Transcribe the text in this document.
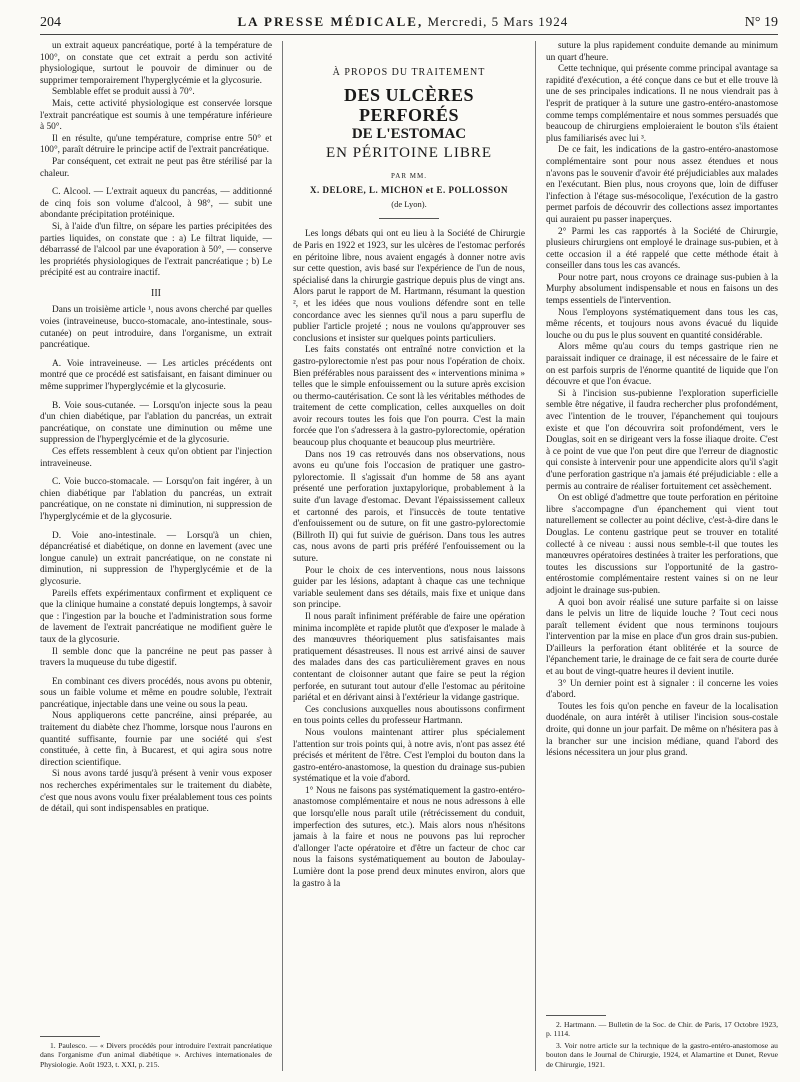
204	LA PRESSE MÉDICALE, Mercredi, 5 Mars 1924	N° 19

un extrait aqueux pancréatique, porté à la température de 100°, on constate que cet extrait a perdu son activité physiologique, surtout le pouvoir de diminuer ou de supprimer temporairement l'hyperglycémie et la glycosurie.

Semblable effet se produit aussi à 70°.

Mais, cette activité physiologique est conservée lorsque l'extrait pancréatique est soumis à une température inférieure à 50°.

Il en résulte, qu'une température, comprise entre 50° et 100°, paraît détruire le principe actif de l'extrait pancréatique.

Par conséquent, cet extrait ne peut pas être stérilisé par la chaleur.

C. Alcool. — L'extrait aqueux du pancréas, — additionné de cinq fois son volume d'alcool, à 98°, — subit une abondante précipitation protéinique.

Si, à l'aide d'un filtre, on sépare les parties précipitées des parties liquides, on constate que : a) Le filtrat liquide, — débarrassé de l'alcool par une évaporation à 50°, — conserve les propriétés physiologiques de l'extrait pancréatique ; b) Le précipité est au contraire inactif.

III

Dans un troisième article ¹, nous avons cherché par quelles voies (intraveineuse, bucco-stomacale, ano-intestinale, sous-cutanée) on peut introduire, dans l'organisme, un extrait pancréatique.

A. Voie intraveineuse. — Les articles précédents ont montré que ce procédé est satisfaisant, en faisant diminuer ou même supprimer l'hyperglycémie et la glycosurie.

B. Voie sous-cutanée. — Lorsqu'on injecte sous la peau d'un chien diabétique, par l'ablation du pancréas, un extrait pancréatique, on constate une diminution ou même une suppression de l'hyperglycémie et de la glycosurie.

Ces effets ressemblent à ceux qu'on obtient par l'injection intraveineuse.

C. Voie bucco-stomacale. — Lorsqu'on fait ingérer, à un chien diabétique par l'ablation du pancréas, un extrait pancréatique, on ne constate ni diminution, ni suppression de l'hyperglycémie et de la glycosurie.

D. Voie ano-intestinale. — Lorsqu'à un chien, dépancréatisé et diabétique, on donne en lavement (avec une longue canule) un extrait pancréatique, on ne constate ni diminution, ni suppression de l'hyperglycémie et de la glycosurie.

Pareils effets expérimentaux confirment et expliquent ce que la clinique humaine a constaté depuis longtemps, à savoir que : l'ingestion par la bouche et l'administration sous forme de lavement de l'extrait pancréatique ne modifient guère le taux de la glycosurie.

Il semble donc que la pancréine ne peut pas passer à travers la muqueuse du tube digestif.

En combinant ces divers procédés, nous avons pu obtenir, sous un faible volume et même en poudre soluble, l'extrait pancréatique, injectable dans une veine ou sous la peau.

Nous appliquerons cette pancréine, ainsi préparée, au traitement du diabète chez l'homme, lorsque nous l'aurons en quantité suffisante, fournie par une société qui s'est constituée, à cette fin, à Bucarest, et qui agira sous notre direction scientifique.

Si nous avons tardé jusqu'à présent à venir vous exposer nos recherches expérimentales sur le traitement du diabète, c'est que nous avons voulu fixer préalablement tous ces points de détail, qui sont indispensables en pratique.

1. Paulesco. — « Divers procédés pour introduire l'extrait pancréatique dans l'organisme d'un animal diabétique ». Archives internationales de Physiologie. Août 1923, t. XXI, p. 215.

À PROPOS DU TRAITEMENT
DES ULCÈRES PERFORÉS
DE L'ESTOMAC
EN PÉRITOINE LIBRE
PAR MM.
X. DELORE, L. MICHON et E. POLLOSSON
(de Lyon).

Les longs débats qui ont eu lieu à la Société de Chirurgie de Paris en 1922 et 1923, sur les ulcères de l'estomac perforés en péritoine libre, nous avaient engagés à donner notre avis sur cette question, avis basé sur l'expérience de l'un de nous, spécialisé dans la chirurgie gastrique depuis plus de vingt ans. Alors parut le rapport de M. Hartmann, résumant la question ², et les idées que nous voulions défendre sont en telle concordance avec les siennes qu'il nous a paru superflu de publier l'article projeté ; nous ne voulons qu'approuver ses conclusions et insister sur quelques points particuliers.

Les faits constatés ont entraîné notre conviction et la gastro-pylorectomie n'est pas pour nous l'opération de choix. Bien préférables nous paraissent des « interventions minima » telles que le simple enfouissement ou la suture après excision ou thermo-cautérisation. Ce sont là les véritables méthodes de traitement de cette complication, celles auxquelles on doit avoir recours toutes les fois que l'on pourra. C'est la main forcée que l'on s'adressera à la gastro-pylorectomie, opération beaucoup plus choquante et beaucoup plus meurtrière.

Dans nos 19 cas retrouvés dans nos observations, nous avons eu qu'une fois l'occasion de pratiquer une gastro-pylorectomie. Il s'agissait d'un homme de 58 ans ayant présenté une perforation juxtapylorique, probablement à la suite d'un lavage d'estomac. Devant l'épaississement calleux et cartonné des parois, et l'insuccès de toute tentative d'enfouissement ou de suture, on fit une gastro-pylorectomie (Billroth II) qui fut suivie de guérison. Dans tous les autres cas, nous avons de parti pris préféré l'enfouissement ou la suture.

Pour le choix de ces interventions, nous nous laissons guider par les lésions, adaptant à chaque cas une technique variable seulement dans ses détails, mais fixe et unique dans son principe.

Il nous paraît infiniment préférable de faire une opération minima incomplète et rapide plutôt que d'exposer le malade à des manœuvres théoriquement plus satisfaisantes mais pratiquement désastreuses. Il nous est arrivé ainsi de sauver des malades dans des cas particulièrement graves en nous contentant de cloisonner autant que faire se peut la région perforée, en suturant tout autour d'elle l'estomac au péritoine pariétal et en dérivant ainsi à l'extérieur la vidange gastrique.

Ces conclusions auxquelles nous aboutissons confirment en tous points celles du professeur Hartmann.

Nous voulons maintenant attirer plus spécialement l'attention sur trois points qui, à notre avis, n'ont pas assez été précisés et méritent de l'être. C'est l'emploi du bouton dans la gastro-entéro-anastomose, la question du drainage sus-pubien systématique et la voie d'abord.

1° Nous ne faisons pas systématiquement la gastro-entéro-anastomose complémentaire et nous ne nous adressons à elle que lorsqu'elle nous paraît utile (rétrécissement du conduit, imperfection des sutures, etc.). Mais alors nous n'hésitons jamais à la faire et nous ne pouvons pas lui reprocher d'allonger l'acte opératoire et d'être un facteur de choc car nous la faisons systématiquement au bouton de Jaboulay-Lumière dont la pose prend deux minutes environ, alors que la gastro à la

suture la plus rapidement conduite demande au minimum un quart d'heure.

Cette technique, qui présente comme principal avantage sa rapidité d'exécution, a été conçue dans ce but et elle trouve là une de ses principales indications. Il ne nous viendrait pas à l'esprit de pratiquer à la suture une gastro-entéro-anastomose comme temps complémentaire et nous sommes persuadés que beaucoup de chirurgiens emploieraient le bouton s'ils étaient plus familiarisés avec lui ³.

De ce fait, les indications de la gastro-entéro-anastomose complémentaire sont pour nous assez étendues et nous n'avons pas le souvenir d'avoir été préjudiciables aux malades en l'exécutant. Bien plus, nous croyons que, loin de diffuser l'infection à l'étage sus-mésocolique, l'exécution de la gastro permet parfois de découvrir des collections assez importantes qui auraient pu passer inaperçues.

2° Parmi les cas rapportés à la Société de Chirurgie, plusieurs chirurgiens ont employé le drainage sus-pubien, et à cette occasion il a été rappelé que cette méthode était à conseiller dans tous les cas avancés.

Pour notre part, nous croyons ce drainage sus-pubien à la Murphy absolument indispensable et nous en faisons un des temps essentiels de l'intervention.

Nous l'employons systématiquement dans tous les cas, même récents, et toujours nous avons évacué du liquide louche ou du pus le plus souvent en quantité considérable.

Alors même qu'au cours du temps gastrique rien ne paraissait indiquer ce drainage, il est nécessaire de le faire et on est parfois surpris de l'énorme quantité de liquide que l'on découvre et que l'on évacue.

Si à l'incision sus-pubienne l'exploration superficielle semble être négative, il faudra rechercher plus profondément, avec l'intention de le trouver, l'épanchement qui toujours existe et que l'on découvrira soit profondément, vers le Douglas, soit en se dirigeant vers la fosse iliaque droite. C'est à ce point de vue que l'on peut dire que l'erreur de diagnostic qui consiste à intervenir pour une appendicite alors qu'il s'agit d'une perforation gastrique n'a jamais été préjudiciable : elle a permis au contraire de réaliser fortuitement cet assèchement.

On est obligé d'admettre que toute perforation en péritoine libre s'accompagne d'un épanchement qui vient tout naturellement se collecter au point déclive, c'est-à-dire dans le Douglas. Le contenu gastrique peut se trouver en totalité collecté à ce niveau : aussi nous semble-t-il que toutes les manœuvres opératoires destinées à traiter les perforations, que toutes les discussions sur l'opportunité de la gastro-entérostomie complémentaire restent vaines si on ne leur adjoint le drainage sus-pubien.

A quoi bon avoir réalisé une suture parfaite si on laisse dans le pelvis un litre de liquide louche ? Tout ceci nous paraît tellement évident que nous terminons toujours l'intervention par la mise en place d'un gros drain sus-pubien. D'ailleurs la perforation étant oblitérée et la source de l'épanchement tarie, le drainage de ce fait sera de courte durée et au bout de vingt-quatre heures il devient inutile.

3° Un dernier point est à signaler : il concerne les voies d'abord.

Toutes les fois qu'on penche en faveur de la localisation duodénale, on aura intérêt à utiliser l'incision sous-costale droite, qui donne un jour parfait. De même on n'hésitera pas à la brancher sur une incision médiane, quand l'abord des lésions nécessitera un jour plus grand.

2. Hartmann. — Bulletin de la Soc. de Chir. de Paris, 17 Octobre 1923, p. 1114.

3. Voir notre article sur la technique de la gastro-entéro-anastomose au bouton dans le Journal de Chirurgie, 1924, et Alamartine et Dunet, Revue de Chirurgie, 1921.
